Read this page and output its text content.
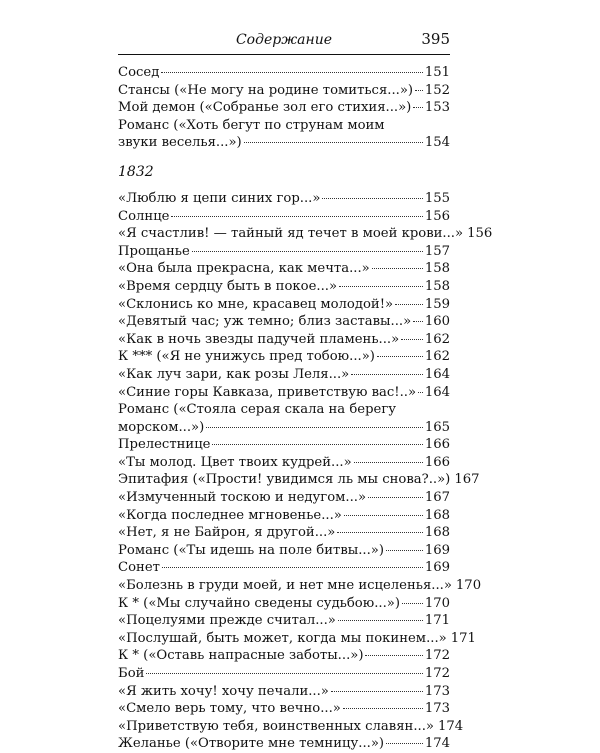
Содержание	395
Сосед	151
Стансы («Не могу на родине томиться...») 152
Мой демон («Собранье зол его стихия...») 153
Романс («Хоть бегут по струнам моим
звуки веселья...»)	154
1832
«Люблю я цепи синих гор...»	155
Солнце	156
«Я счастлив! — тайный яд течет в моей крови...» 156
Прощанье	157
«Она была прекрасна, как мечта...»	158
«Время сердцу быть в покое...»	158
«Склонись ко мне, красавец молодой!» 159
«Девятый час; уж темно; близ заставы...» 160
«Как в ночь звезды падучей пламень...» 162
К *** («Я не унижусь пред тобою...»)	162
«Как луч зари, как розы Леля...»	164
«Синие горы Кавказа, приветствую вас!..» 164
Романс («Стояла серая скала на берегу
морском...»)	165
Прелестнице	166
«Ты молод. Цвет твоих кудрей...»	166
Эпитафия («Прости! увидимся ль мы снова?..») 167
«Измученный тоскою и недугом...»	167
«Когда последнее мгновенье...»	168
«Нет, я не Байрон, я другой...»	168
Романс («Ты идешь на поле битвы...»)	169
Сонет	169
«Болезнь в груди моей, и нет мне исцеленья...» 170
К * («Мы случайно сведены судьбою...») 170
«Поцелуями прежде считал...»	171
«Послушай, быть может, когда мы покинем...» 171
К * («Оставь напрасные заботы...»)	172
Бой	172
«Я жить хочу! хочу печали...»	173
«Смело верь тому, что вечно...»	173
«Приветствую тебя, воинственных славян...» 174
Желанье («Отворите мне темницу...»)	174
